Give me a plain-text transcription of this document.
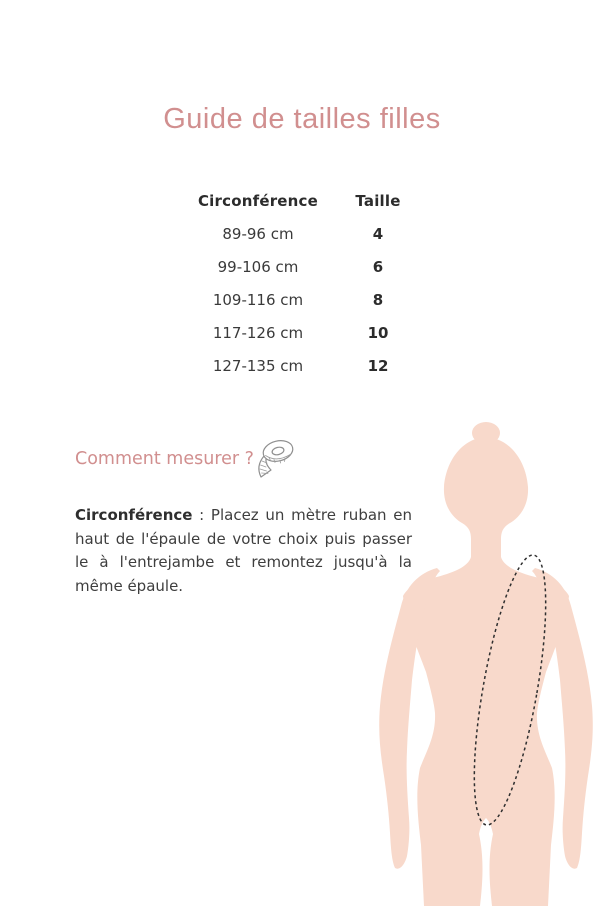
Guide de tailles filles
Circonférence	Taille
89-96 cm	4
99-106 cm	6
109-116 cm	8
117-126 cm	10
127-135 cm	12
Comment mesurer ?

Circonférence : Placez un mètre ruban en haut de l'épaule de votre choix puis passer le à l'entrejambe et remontez jusqu'à la même épaule.
